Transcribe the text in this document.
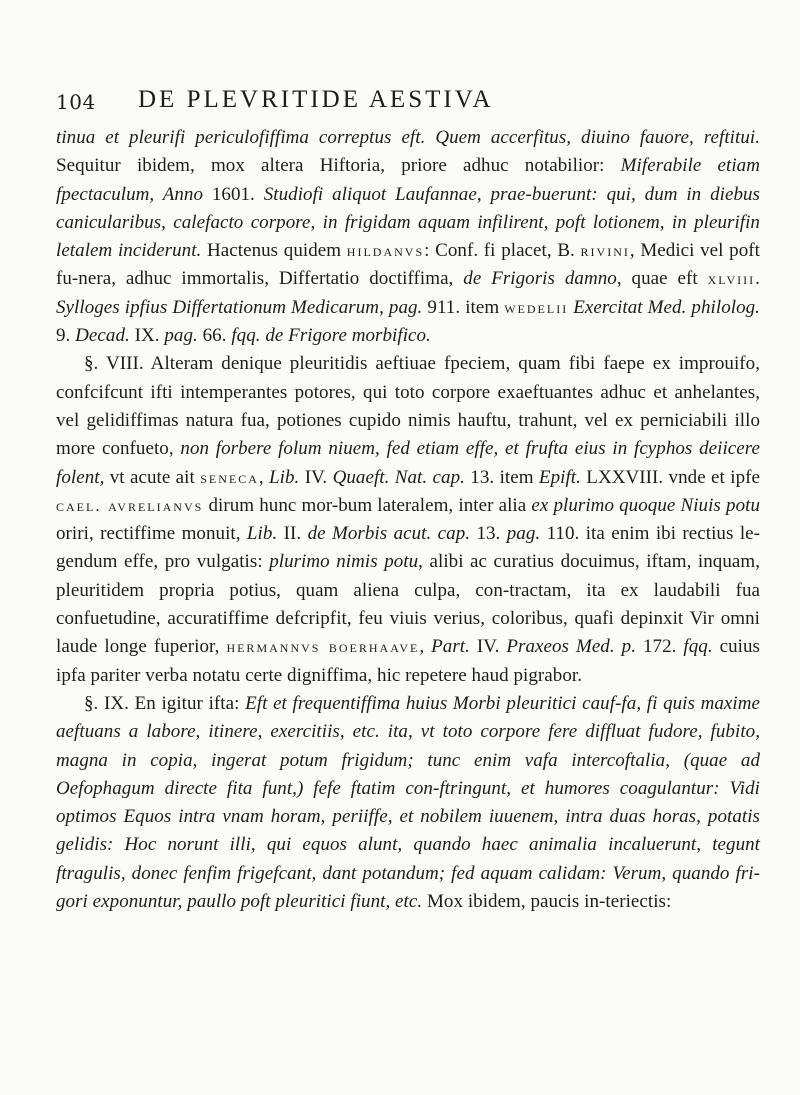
104	DE PLEVRITIDE AESTIVA

tinua et pleurifi periculofiffima correptus eft. Quem accerfitus, diuino fauore, reftitui. Sequitur ibidem, mox altera Hiftoria, priore adhuc notabilior: Miferabile etiam fpectaculum, Anno 1601. Studiofi aliquot Laufannae, prae-buerunt: qui, dum in diebus canicularibus, calefacto corpore, in frigidam aquam infilirent, poft lotionem, in pleurifin letalem inciderunt. Hactenus quidem hildanvs: Conf. fi placet, B. rivini, Medici vel poft fu-nera, adhuc immortalis, Differtatio doctiffima, de Frigoris damno, quae eft xlviii. Sylloges ipfius Differtationum Medicarum, pag. 911. item wedelii Exercitat Med. philolog. 9. Decad. IX. pag. 66. fqq. de Frigore morbifico.

§. VIII. Alteram denique pleuritidis aeftiuae fpeciem, quam fibi faepe ex improuifo, confcifcunt ifti intemperantes potores, qui toto corpore exaeftuantes adhuc et anhelantes, vel gelidiffimas natura fua, potiones cupido nimis hauftu, trahunt, vel ex perniciabili illo more confueto, non forbere folum niuem, fed etiam effe, et frufta eius in fcyphos deiicere folent, vt acute ait seneca, Lib. IV. Quaeft. Nat. cap. 13. item Epift. LXXVIII. vnde et ipfe cael. avrelianvs dirum hunc mor-bum lateralem, inter alia ex plurimo quoque Niuis potu oriri, rectiffime monuit, Lib. II. de Morbis acut. cap. 13. pag. 110. ita enim ibi rectius le-gendum effe, pro vulgatis: plurimo nimis potu, alibi ac curatius docuimus, iftam, inquam, pleuritidem propria potius, quam aliena culpa, con-tractam, ita ex laudabili fua confuetudine, accuratiffime defcripfit, feu viuis verius, coloribus, quafi depinxit Vir omni laude longe fuperior, hermannvs boerhaave, Part. IV. Praxeos Med. p. 172. fqq. cuius ipfa pariter verba notatu certe digniffima, hic repetere haud pigrabor.

§. IX. En igitur ifta: Eft et frequentiffima huius Morbi pleuritici cauf-fa, fi quis maxime aeftuans a labore, itinere, exercitiis, etc. ita, vt toto corpore fere diffluat fudore, fubito, magna in copia, ingerat potum frigidum; tunc enim vafa intercoftalia, (quae ad Oefophagum directe fita funt,) fefe ftatim con-ftringunt, et humores coagulantur: Vidi optimos Equos intra vnam horam, periiffe, et nobilem iuuenem, intra duas horas, potatis gelidis: Hoc norunt illi, qui equos alunt, quando haec animalia incaluerunt, tegunt ftragulis, donec fenfim frigefcant, dant potandum; fed aquam calidam: Verum, quando fri-gori exponuntur, paullo poft pleuritici fiunt, etc. Mox ibidem, paucis in-teriectis:
